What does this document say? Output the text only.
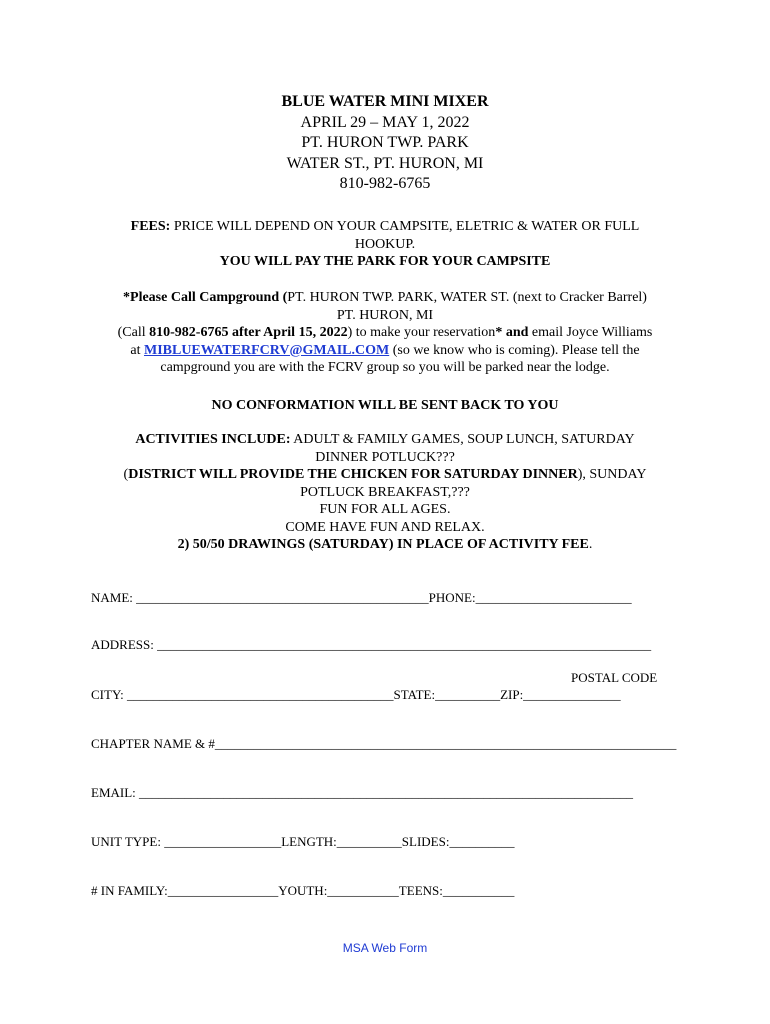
BLUE WATER MINI MIXER
APRIL 29 – MAY 1, 2022
PT. HURON TWP. PARK
WATER ST., PT. HURON, MI
810-982-6765
FEES: PRICE WILL DEPEND ON YOUR CAMPSITE, ELETRIC & WATER OR FULL
HOOKUP.
YOU WILL PAY THE PARK FOR YOUR CAMPSITE
*Please Call Campground (PT. HURON TWP. PARK, WATER ST. (next to Cracker Barrel)
PT. HURON, MI
(Call 810-982-6765 after April 15, 2022) to make your reservation* and email Joyce Williams
at MIBLUEWATERFCRV@GMAIL.COM (so we know who is coming). Please tell the
campground you are with the FCRV group so you will be parked near the lodge.
NO CONFORMATION WILL BE SENT BACK TO YOU
ACTIVITIES INCLUDE: ADULT & FAMILY GAMES, SOUP LUNCH, SATURDAY
DINNER POTLUCK???
(DISTRICT WILL PROVIDE THE CHICKEN FOR SATURDAY DINNER), SUNDAY
POTLUCK BREAKFAST,???
FUN FOR ALL AGES.
COME HAVE FUN AND RELAX.
2) 50/50 DRAWINGS (SATURDAY) IN PLACE OF ACTIVITY FEE.
NAME: _____________________________________________PHONE:________________________
ADDRESS: ____________________________________________________________________________
POSTAL CODE
CITY: _________________________________________STATE:__________ZIP:_______________
CHAPTER NAME & #_______________________________________________________________________
EMAIL: ____________________________________________________________________________
UNIT TYPE: __________________LENGTH:__________SLIDES:__________
# IN FAMILY:_________________YOUTH:___________TEENS:___________
MSA Web Form
